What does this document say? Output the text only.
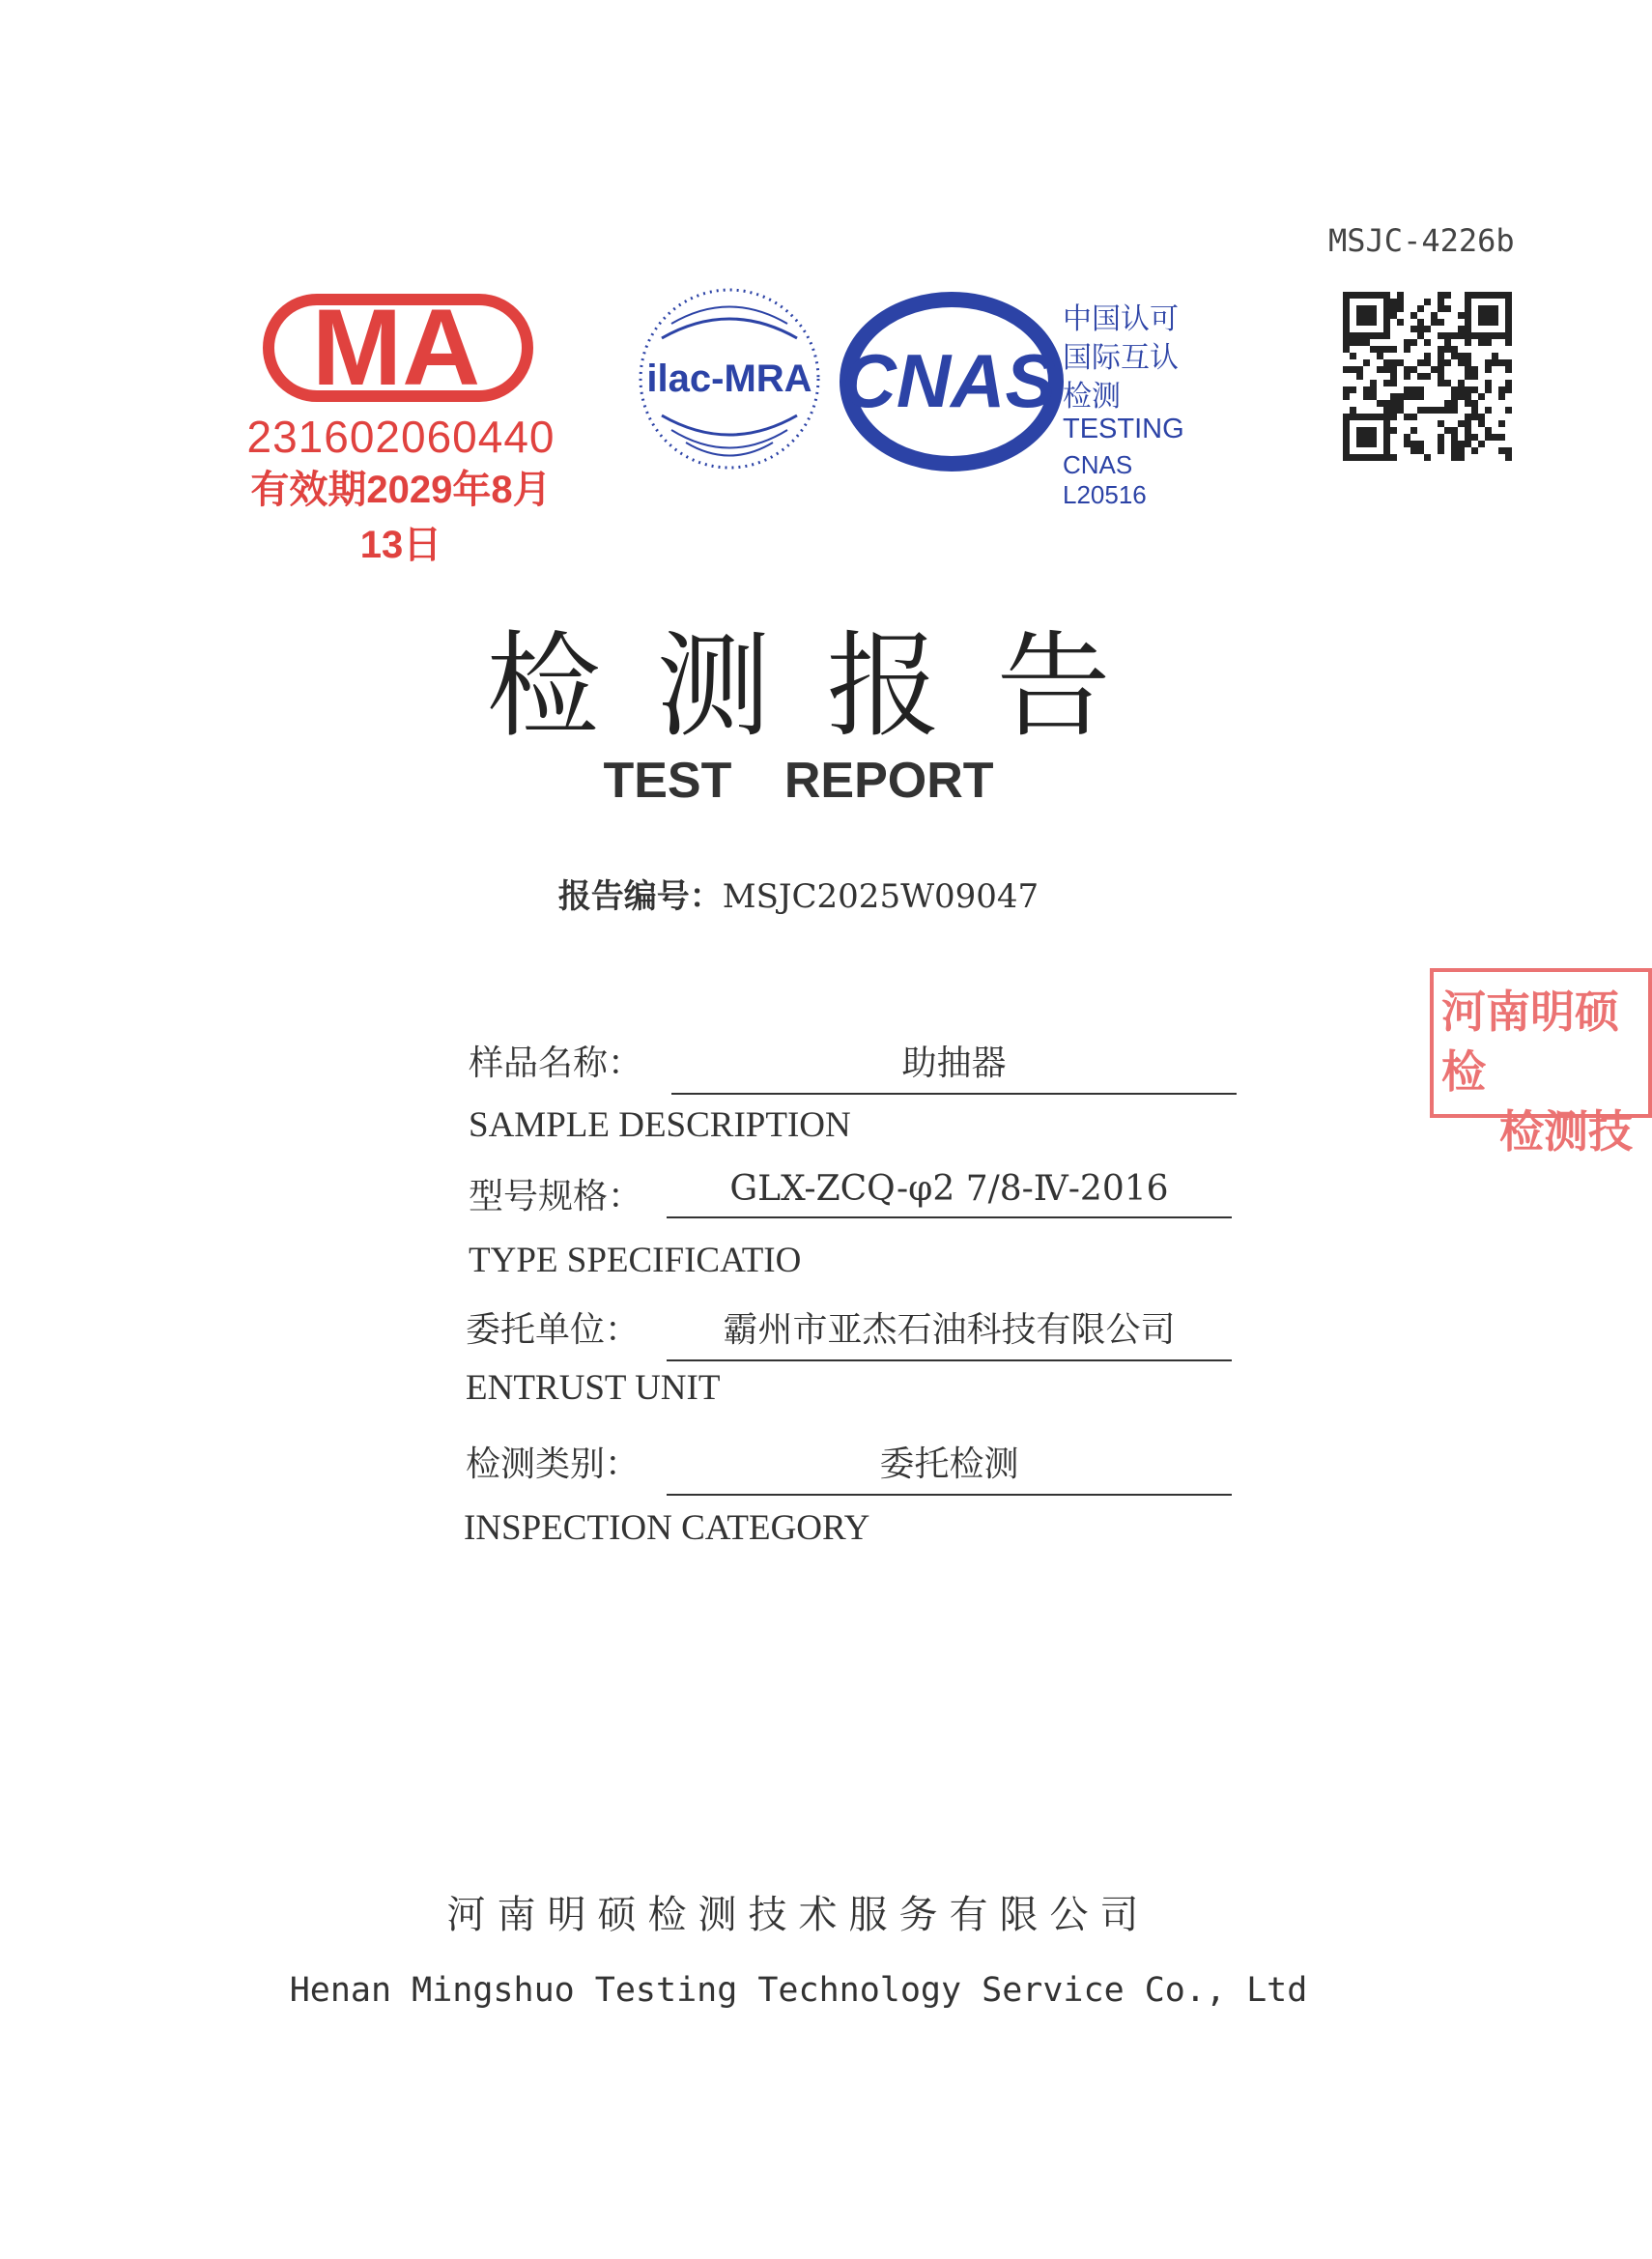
MSJC-4226b
MA
231602060440
有效期2029年8月13日
ilac-MRA CNAS
中国认可
国际互认
检测
TESTING
CNAS L20516
检测报告
TEST REPORT
报告编号：MSJC2025W09047
样品名称：	助抽器
SAMPLE DESCRIPTION
型号规格：	GLX-ZCQ-φ2 7/8-Ⅳ-2016
TYPE SPECIFICATIO
委托单位：	霸州市亚杰石油科技有限公司
ENTRUST UNIT
检测类别：	委托检测
INSPECTION CATEGORY
河南明硕检
检测技
河南明硕检测技术服务有限公司
Henan Mingshuo Testing Technology Service Co., Ltd
